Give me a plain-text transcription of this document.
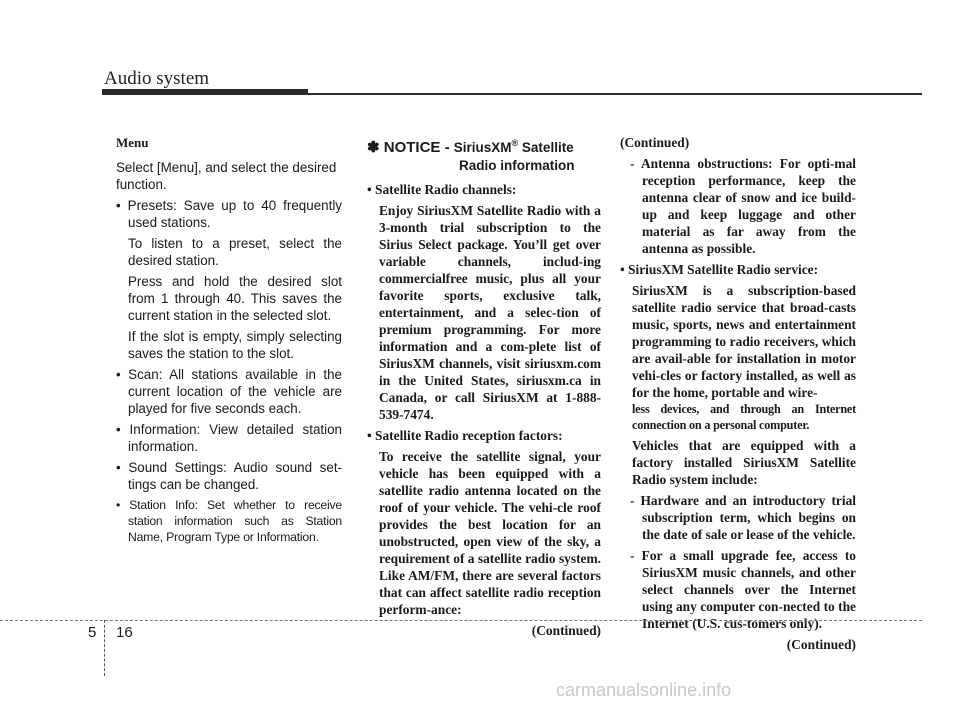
Audio system
Menu
Select [Menu], and select the desired function.
• Presets: Save up to 40 frequently used stations.
To listen to a preset, select the desired station.
Press and hold the desired slot from 1 through 40. This saves the current station in the selected slot.
If the slot is empty, simply selecting saves the station to the slot.
• Scan: All stations available in the current location of the vehicle are played for five seconds each.
• Information: View detailed station information.
• Sound Settings: Audio sound set-tings can be changed.
• Station Info: Set whether to receive station information such as Station Name, Program Type or Information.
✽ NOTICE - SiriusXM® Satellite
Radio information
• Satellite Radio channels:
Enjoy SiriusXM Satellite Radio with a 3-month trial subscription to the Sirius Select package. You’ll get over variable channels, includ-ing commercialfree music, plus all your favorite sports, exclusive talk, entertainment, and a selec-tion of premium programming. For more information and a com-plete list of SiriusXM channels, visit siriusxm.com in the United States, siriusxm.ca in Canada, or call SiriusXM at 1-888-539-7474.
• Satellite Radio reception factors:
To receive the satellite signal, your vehicle has been equipped with a satellite radio antenna located on the roof of your vehicle. The vehi-cle roof provides the best location for an unobstructed, open view of the sky, a requirement of a satellite radio system. Like AM/FM, there are several factors that can affect satellite radio reception perform-ance:
(Continued)
(Continued)
- Antenna obstructions: For opti-mal reception performance, keep the antenna clear of snow and ice build-up and keep luggage and other material as far away from the antenna as possible.
• SiriusXM Satellite Radio service:
SiriusXM is a subscription-based satellite radio service that broad-casts music, sports, news and entertainment programming to radio receivers, which are avail-able for installation in motor vehi-cles or factory installed, as well as for the home, portable and wire-
less devices, and through an Internet connection on a personal computer.
Vehicles that are equipped with a factory installed SiriusXM Satellite Radio system include:
- Hardware and an introductory trial subscription term, which begins on the date of sale or lease of the vehicle.
- For a small upgrade fee, access to SiriusXM music channels, and other select channels over the Internet using any computer con-nected to the Internet (U.S. cus-tomers only).
(Continued)
5 16
carmanualsonline.info
